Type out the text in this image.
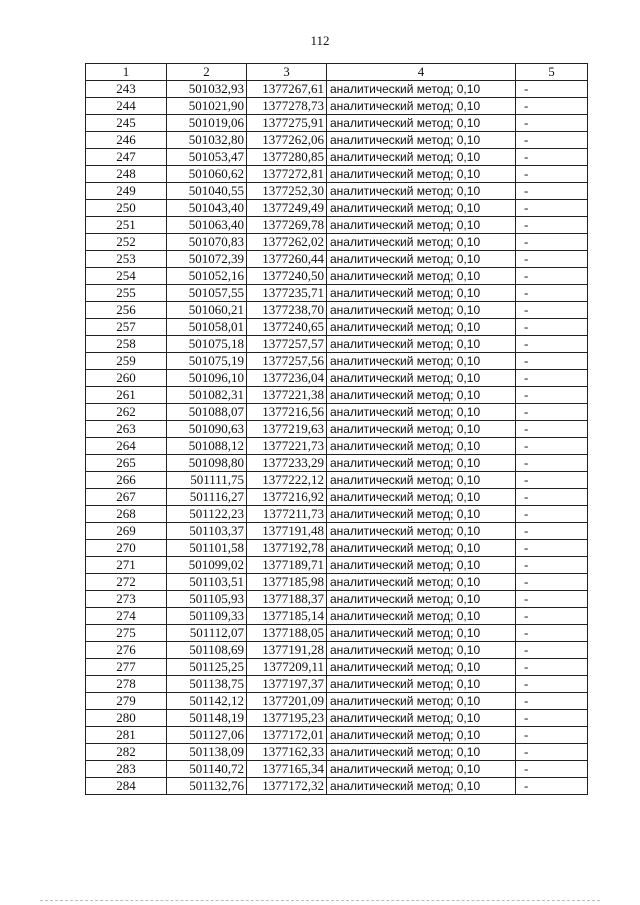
112
1	2	3	4	5
243	501032,93	1377267,61	аналитический метод; 0,10	-
244	501021,90	1377278,73	аналитический метод; 0,10	-
245	501019,06	1377275,91	аналитический метод; 0,10	-
246	501032,80	1377262,06	аналитический метод; 0,10	-
247	501053,47	1377280,85	аналитический метод; 0,10	-
248	501060,62	1377272,81	аналитический метод; 0,10	-
249	501040,55	1377252,30	аналитический метод; 0,10	-
250	501043,40	1377249,49	аналитический метод; 0,10	-
251	501063,40	1377269,78	аналитический метод; 0,10	-
252	501070,83	1377262,02	аналитический метод; 0,10	-
253	501072,39	1377260,44	аналитический метод; 0,10	-
254	501052,16	1377240,50	аналитический метод; 0,10	-
255	501057,55	1377235,71	аналитический метод; 0,10	-
256	501060,21	1377238,70	аналитический метод; 0,10	-
257	501058,01	1377240,65	аналитический метод; 0,10	-
258	501075,18	1377257,57	аналитический метод; 0,10	-
259	501075,19	1377257,56	аналитический метод; 0,10	-
260	501096,10	1377236,04	аналитический метод; 0,10	-
261	501082,31	1377221,38	аналитический метод; 0,10	-
262	501088,07	1377216,56	аналитический метод; 0,10	-
263	501090,63	1377219,63	аналитический метод; 0,10	-
264	501088,12	1377221,73	аналитический метод; 0,10	-
265	501098,80	1377233,29	аналитический метод; 0,10	-
266	501111,75	1377222,12	аналитический метод; 0,10	-
267	501116,27	1377216,92	аналитический метод; 0,10	-
268	501122,23	1377211,73	аналитический метод; 0,10	-
269	501103,37	1377191,48	аналитический метод; 0,10	-
270	501101,58	1377192,78	аналитический метод; 0,10	-
271	501099,02	1377189,71	аналитический метод; 0,10	-
272	501103,51	1377185,98	аналитический метод; 0,10	-
273	501105,93	1377188,37	аналитический метод; 0,10	-
274	501109,33	1377185,14	аналитический метод; 0,10	-
275	501112,07	1377188,05	аналитический метод; 0,10	-
276	501108,69	1377191,28	аналитический метод; 0,10	-
277	501125,25	1377209,11	аналитический метод; 0,10	-
278	501138,75	1377197,37	аналитический метод; 0,10	-
279	501142,12	1377201,09	аналитический метод; 0,10	-
280	501148,19	1377195,23	аналитический метод; 0,10	-
281	501127,06	1377172,01	аналитический метод; 0,10	-
282	501138,09	1377162,33	аналитический метод; 0,10	-
283	501140,72	1377165,34	аналитический метод; 0,10	-
284	501132,76	1377172,32	аналитический метод; 0,10	-
